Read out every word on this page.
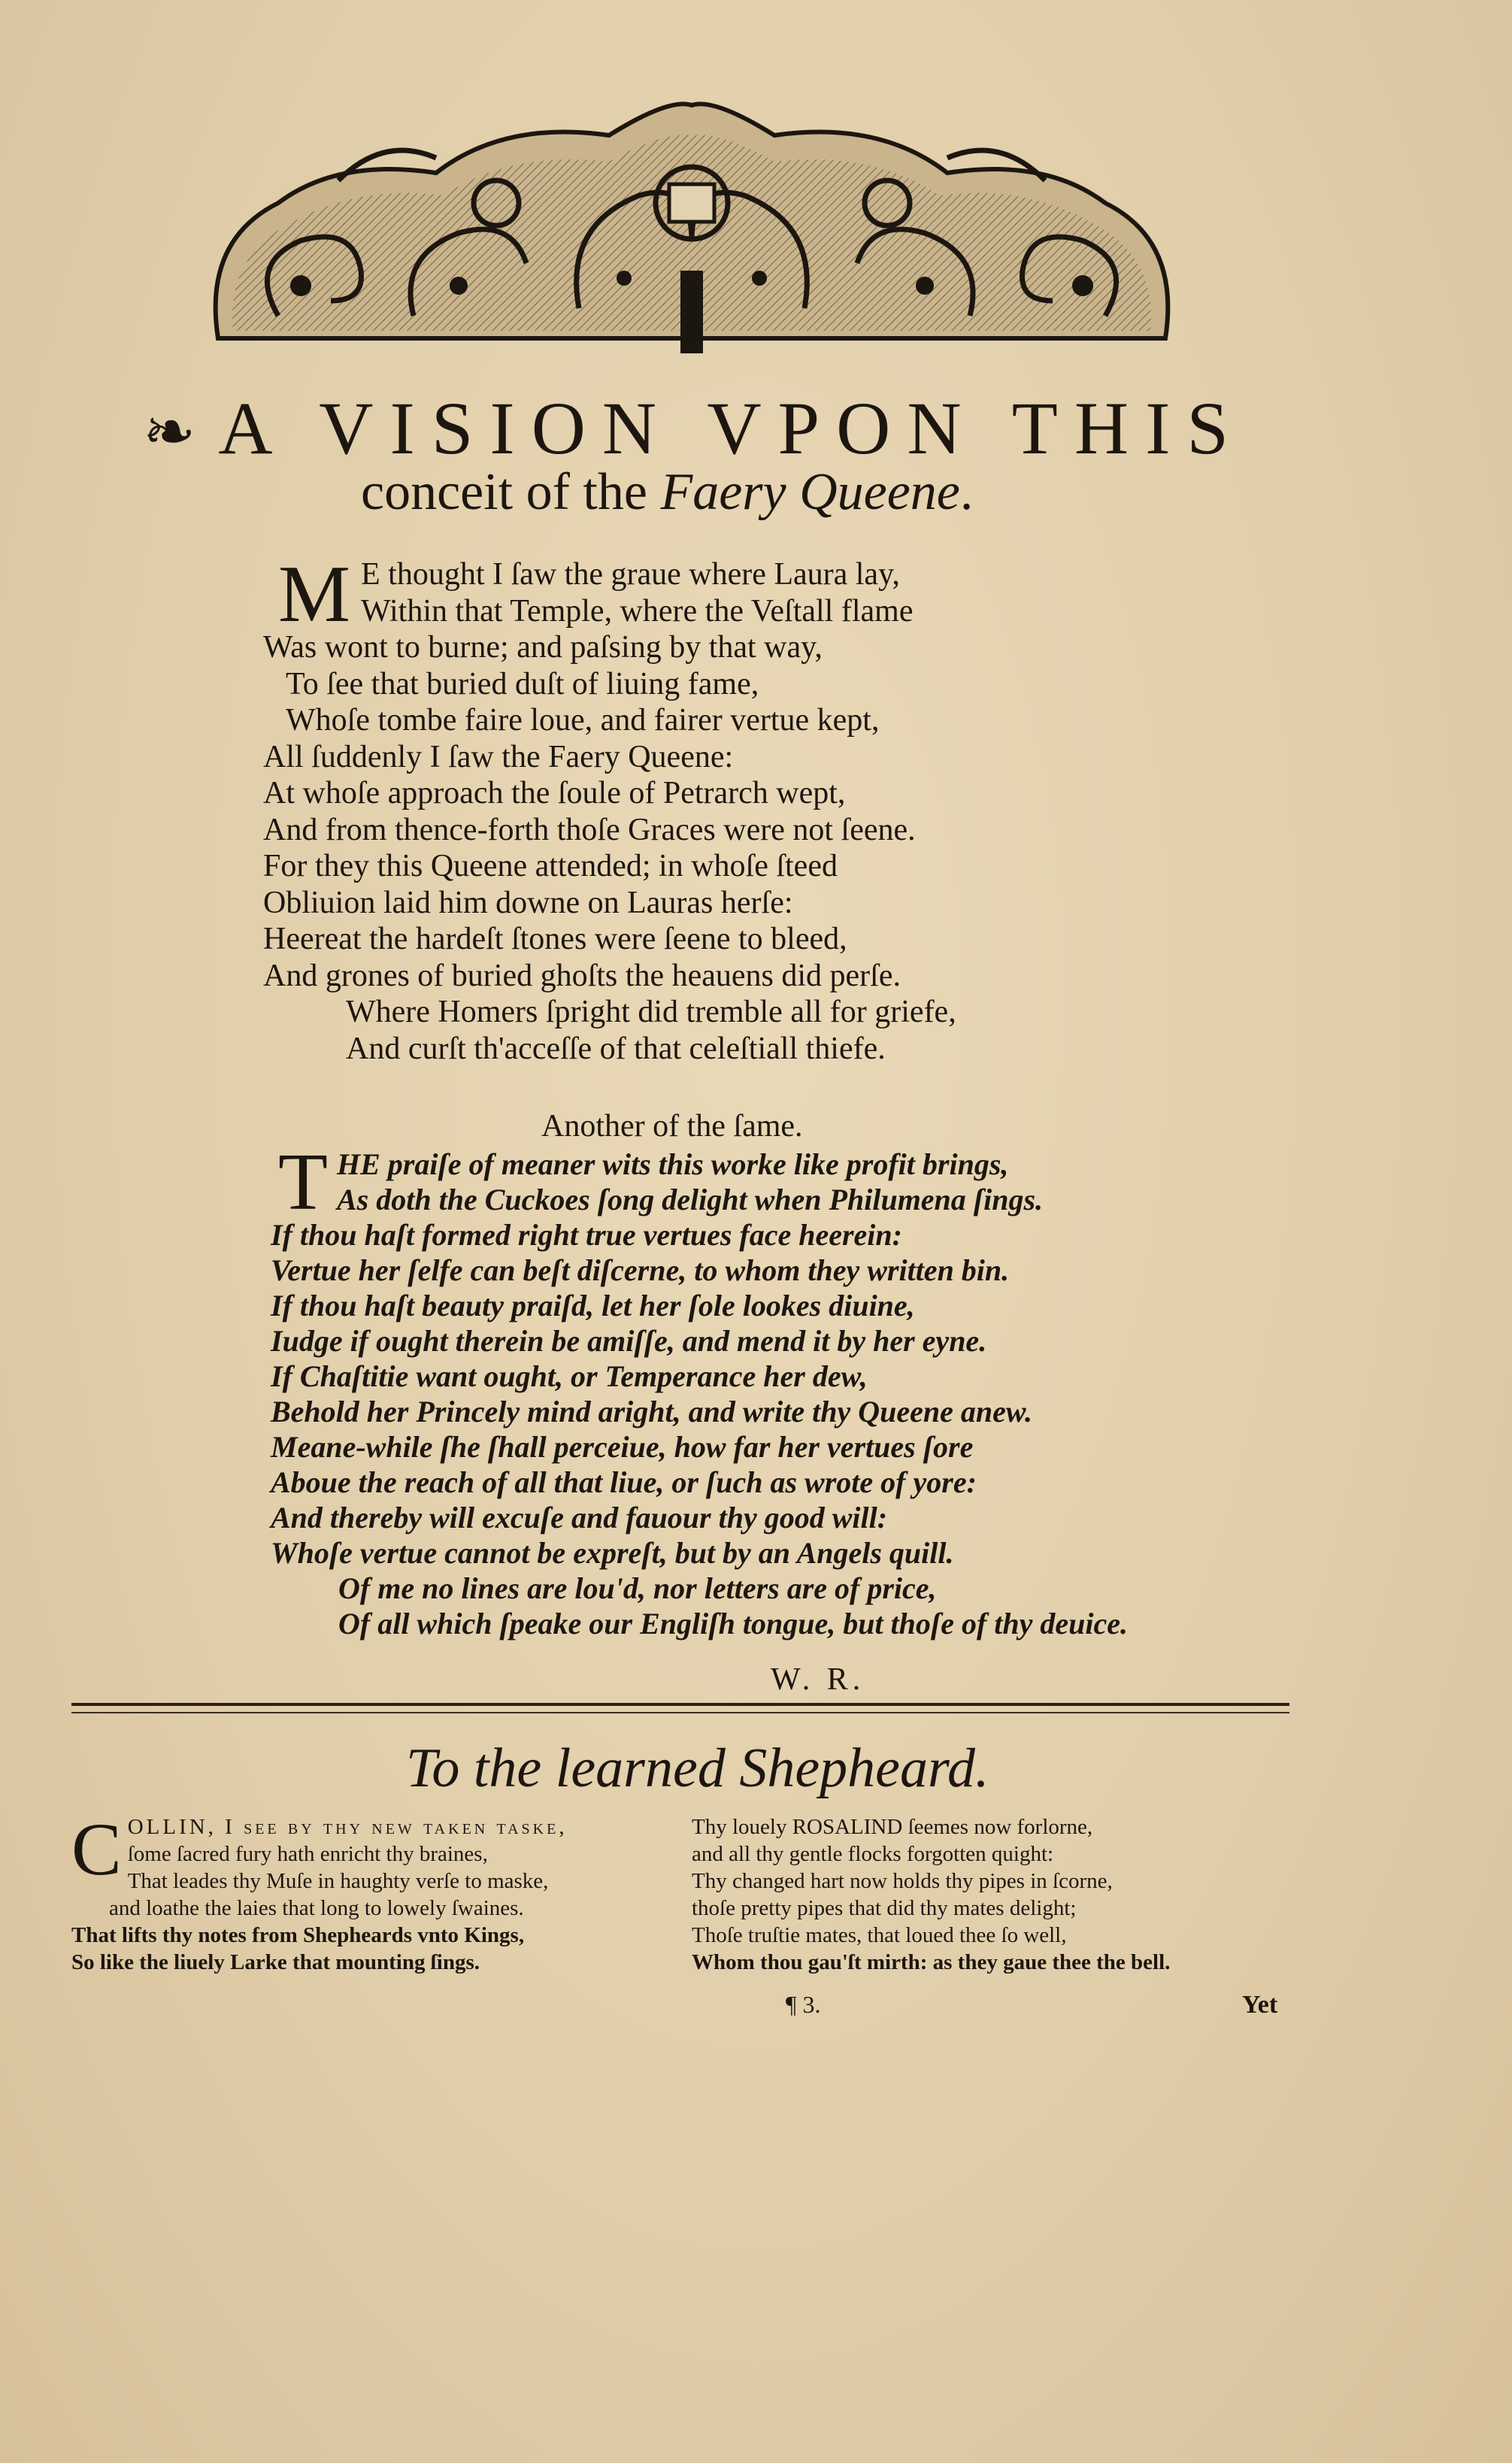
❧ A VISION VPON THIS
conceit of the Faery Queene.
M E thought I ſaw the graue where Laura lay,
Within that Temple, where the Veſtall flame
Was wont to burne; and paſsing by that way,
To ſee that buried duſt of liuing fame,
Whoſe tombe faire loue, and fairer vertue kept,
All ſuddenly I ſaw the Faery Queene:
At whoſe approach the ſoule of Petrarch wept,
And from thence-forth thoſe Graces were not ſeene.
For they this Queene attended; in whoſe ſteed
Obliuion laid him downe on Lauras herſe:
Heereat the hardeſt ſtones were ſeene to bleed,
And grones of buried ghoſts the heauens did perſe.
Where Homers ſpright did tremble all for griefe,
And curſt th'acceſſe of that celeſtiall thiefe.
Another of the ſame.
T HE praiſe of meaner wits this worke like profit brings,
As doth the Cuckoes ſong delight when Philumena ſings.
If thou haſt formed right true vertues face heerein:
Vertue her ſelfe can beſt diſcerne, to whom they written bin.
If thou haſt beauty praiſd, let her ſole lookes diuine,
Iudge if ought therein be amiſſe, and mend it by her eyne.
If Chaſtitie want ought, or Temperance her dew,
Behold her Princely mind aright, and write thy Queene anew.
Meane-while ſhe ſhall perceiue, how far her vertues ſore
Aboue the reach of all that liue, or ſuch as wrote of yore:
And thereby will excuſe and fauour thy good will:
Whoſe vertue cannot be expreſt, but by an Angels quill.
Of me no lines are lou'd, nor letters are of price,
Of all which ſpeake our Engliſh tongue, but thoſe of thy deuice.
W. R.
To the learned Shepheard.
C OLLIN, I ſee by thy new taken taske,
ſome ſacred fury hath enricht thy braines,
That leades thy Muſe in haughty verſe to maske,
and loathe the laies that long to lowely ſwaines.
That lifts thy notes from Shepheards vnto Kings,
So like the liuely Larke that mounting ſings.
Thy louely ROSALIND ſeemes now forlorne,
and all thy gentle flocks forgotten quight:
Thy changed hart now holds thy pipes in ſcorne,
thoſe pretty pipes that did thy mates delight;
Thoſe truſtie mates, that loued thee ſo well,
Whom thou gau'ſt mirth: as they gaue thee the bell.
¶ 3.	Yet
